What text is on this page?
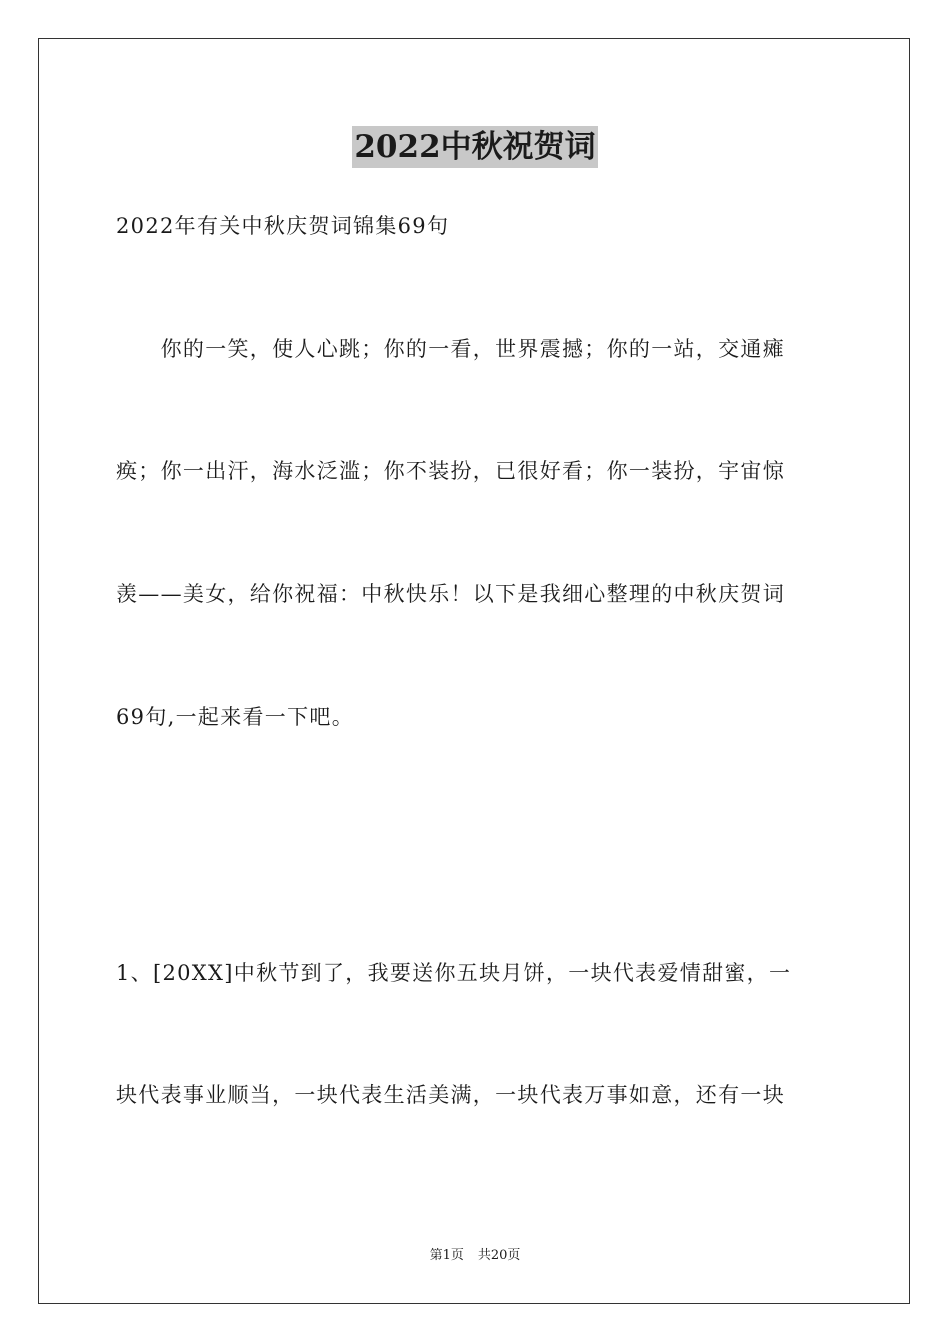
2022中秋祝贺词

2022年有关中秋庆贺词锦集69句

　　你的一笑，使人心跳；你的一看，世界震撼；你的一站，交通瘫

痪；你一出汗，海水泛滥；你不装扮，已很好看；你一装扮，宇宙惊

羡——美女，给你祝福：中秋快乐！以下是我细心整理的中秋庆贺词

69句,一起来看一下吧。

1、[20XX]中秋节到了，我要送你五块月饼，一块代表爱情甜蜜，一

块代表事业顺当，一块代表生活美满，一块代表万事如意，还有一块

第1页 共20页
